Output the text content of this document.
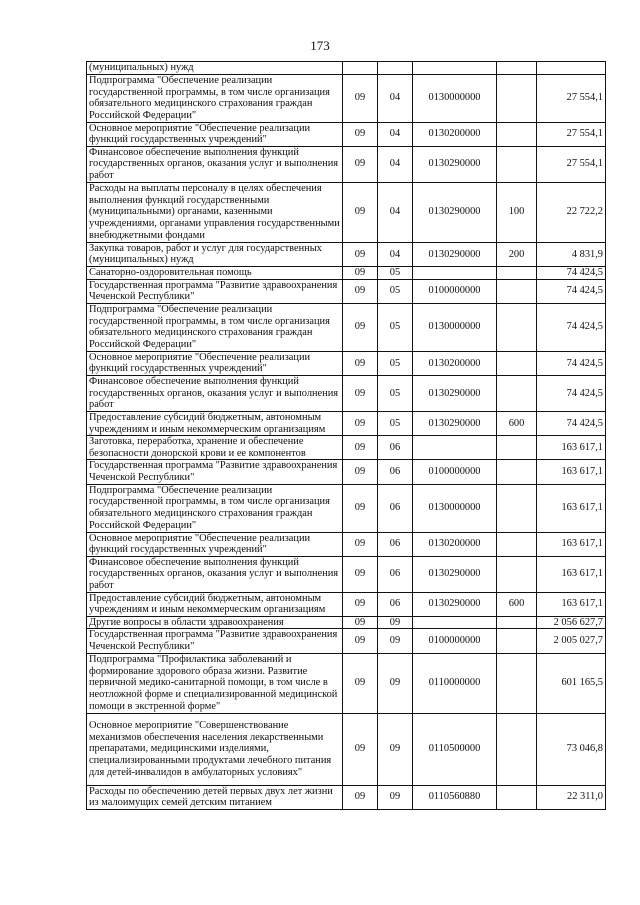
173
(муниципальных) нужд					
Подпрограмма "Обеспечение реализации государственной программы, в том числе организация обязательного медицинского страхования граждан Российской Федерации"	09	04	0130000000		27 554,1
Основное мероприятие "Обеспечение реализации функций государственных учреждений"	09	04	0130200000		27 554,1
Финансовое обеспечение выполнения функций государственных органов, оказания услуг и выполнения работ	09	04	0130290000		27 554,1
Расходы на выплаты персоналу в целях обеспечения выполнения функций государственными (муниципальными) органами, казенными учреждениями, органами управления государственными внебюджетными фондами	09	04	0130290000	100	22 722,2
Закупка товаров, работ и услуг для государственных (муниципальных) нужд	09	04	0130290000	200	4 831,9
Санаторно-оздоровительная помощь	09	05			74 424,5
Государственная программа "Развитие здравоохранения Чеченской Республики"	09	05	0100000000		74 424,5
Подпрограмма "Обеспечение реализации государственной программы, в том числе организация обязательного медицинского страхования граждан Российской Федерации"	09	05	0130000000		74 424,5
Основное мероприятие "Обеспечение реализации функций государственных учреждений"	09	05	0130200000		74 424,5
Финансовое обеспечение выполнения функций государственных органов, оказания услуг и выполнения работ	09	05	0130290000		74 424,5
Предоставление субсидий бюджетным, автономным учреждениям и иным некоммерческим организациям	09	05	0130290000	600	74 424,5
Заготовка, переработка, хранение и обеспечение безопасности донорской крови и ее компонентов	09	06			163 617,1
Государственная программа "Развитие здравоохранения Чеченской Республики"	09	06	0100000000		163 617,1
Подпрограмма "Обеспечение реализации государственной программы, в том числе организация обязательного медицинского страхования граждан Российской Федерации"	09	06	0130000000		163 617,1
Основное мероприятие "Обеспечение реализации функций государственных учреждений"	09	06	0130200000		163 617,1
Финансовое обеспечение выполнения функций государственных органов, оказания услуг и выполнения работ	09	06	0130290000		163 617,1
Предоставление субсидий бюджетным, автономным учреждениям и иным некоммерческим организациям	09	06	0130290000	600	163 617,1
Другие вопросы в области здравоохранения	09	09			2 056 627,7
Государственная программа "Развитие здравоохранения Чеченской Республики"	09	09	0100000000		2 005 027,7
Подпрограмма "Профилактика заболеваний и формирование здорового образа жизни. Развитие первичной медико-санитарной помощи, в том числе в неотложной форме и специализированной медицинской помощи в экстренной форме"	09	09	0110000000		601 165,5
Основное мероприятие "Совершенствование механизмов обеспечения населения лекарственными препаратами, медицинскими изделиями, специализированными продуктами лечебного питания для детей-инвалидов в амбулаторных условиях"	09	09	0110500000		73 046,8
Расходы по обеспечению детей первых двух лет жизни из малоимущих семей детским питанием	09	09	0110560880		22 311,0
